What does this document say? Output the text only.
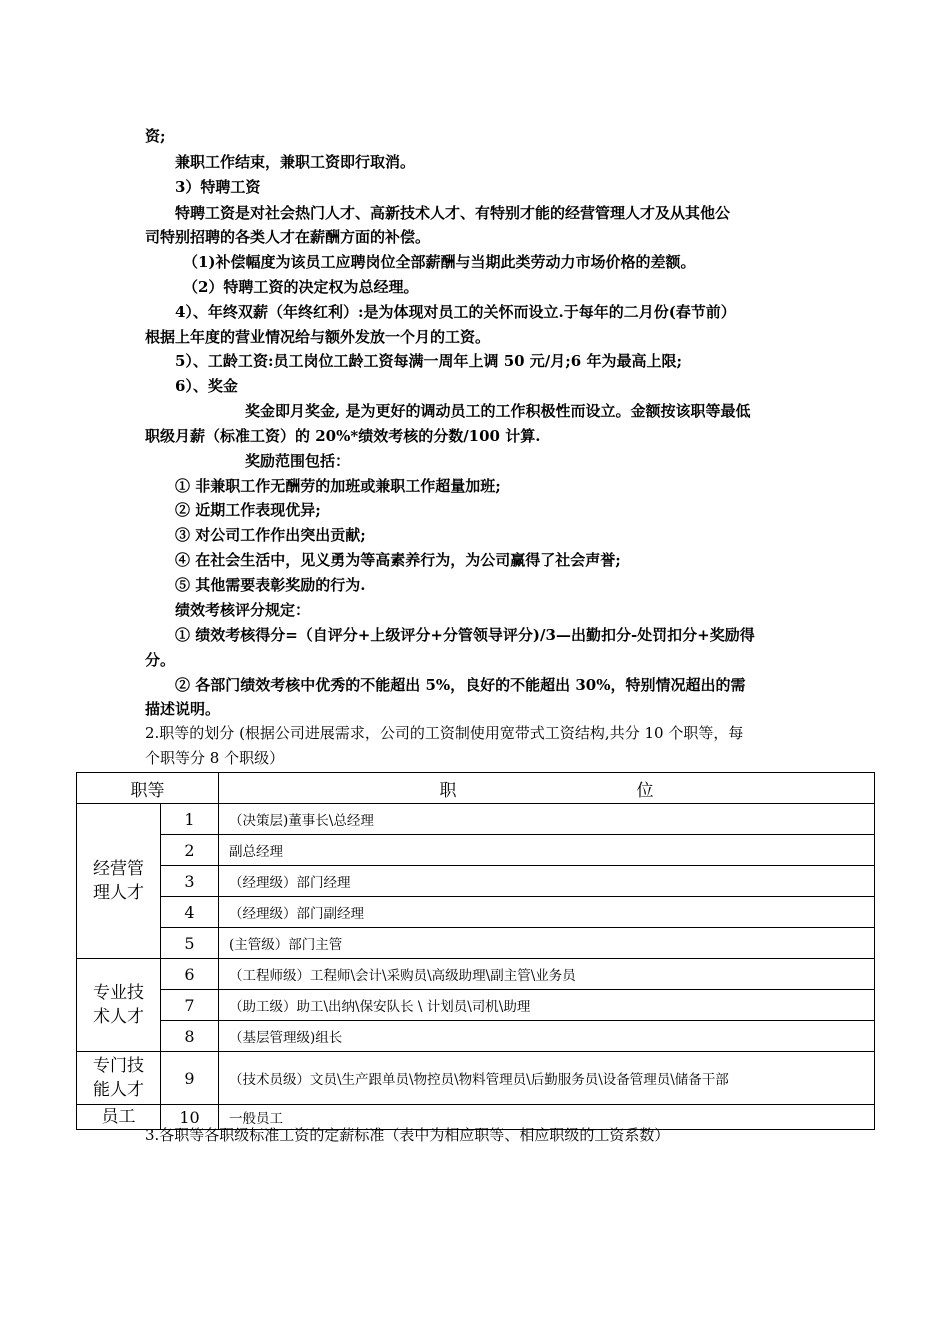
资;
兼职工作结束，兼职工资即行取消。
3）特聘工资
特聘工资是对社会热门人才、高新技术人才、有特别才能的经营管理人才及从其他公
司特别招聘的各类人才在薪酬方面的补偿。
（1)补偿幅度为该员工应聘岗位全部薪酬与当期此类劳动力市场价格的差额。
（2）特聘工资的决定权为总经理。
4）、年终双薪（年终红利）:是为体现对员工的关怀而设立.于每年的二月份(春节前）
根据上年度的营业情况给与额外发放一个月的工资。
5）、工龄工资:员工岗位工龄工资每满一周年上调 50 元/月;6 年为最高上限;
6）、奖金
奖金即月奖金, 是为更好的调动员工的工作积极性而设立。金额按该职等最低
职级月薪（标准工资）的 20%*绩效考核的分数/100 计算.
奖励范围包括：
① 非兼职工作无酬劳的加班或兼职工作超量加班;
② 近期工作表现优异;
③ 对公司工作作出突出贡献;
④ 在社会生活中，见义勇为等高素养行为，为公司赢得了社会声誉;
⑤ 其他需要表彰奖励的行为.
绩效考核评分规定：
① 绩效考核得分=（自评分+上级评分+分管领导评分)/3—出勤扣分-处罚扣分+奖励得
分。
② 各部门绩效考核中优秀的不能超出 5%，良好的不能超出 30%，特别情况超出的需
描述说明。
2.职等的划分 (根据公司进展需求，公司的工资制使用宽带式工资结构,共分 10 个职等，每
个职等分 8 个职级）
职等		职 位

经营管
理人才	1	（决策层)董事长\总经理
	2	副总经理
	3	（经理级）部门经理
	4	（经理级）部门副经理
	5	(主管级）部门主管

专业技
术人才	6	（工程师级）工程师\会计\采购员\高级助理\副主管\业务员
	7	（助工级）助工\出纳\保安队长 \ 计划员\司机\助理
	8	（基层管理级)组长

专门技
能人才	9	（技术员级）文员\生产跟单员\物控员\物料管理员\后勤服务员\设备管理员\储备干部
员工	10	一般员工
3.各职等各职级标准工资的定薪标准（表中为相应职等、相应职级的工资系数）
